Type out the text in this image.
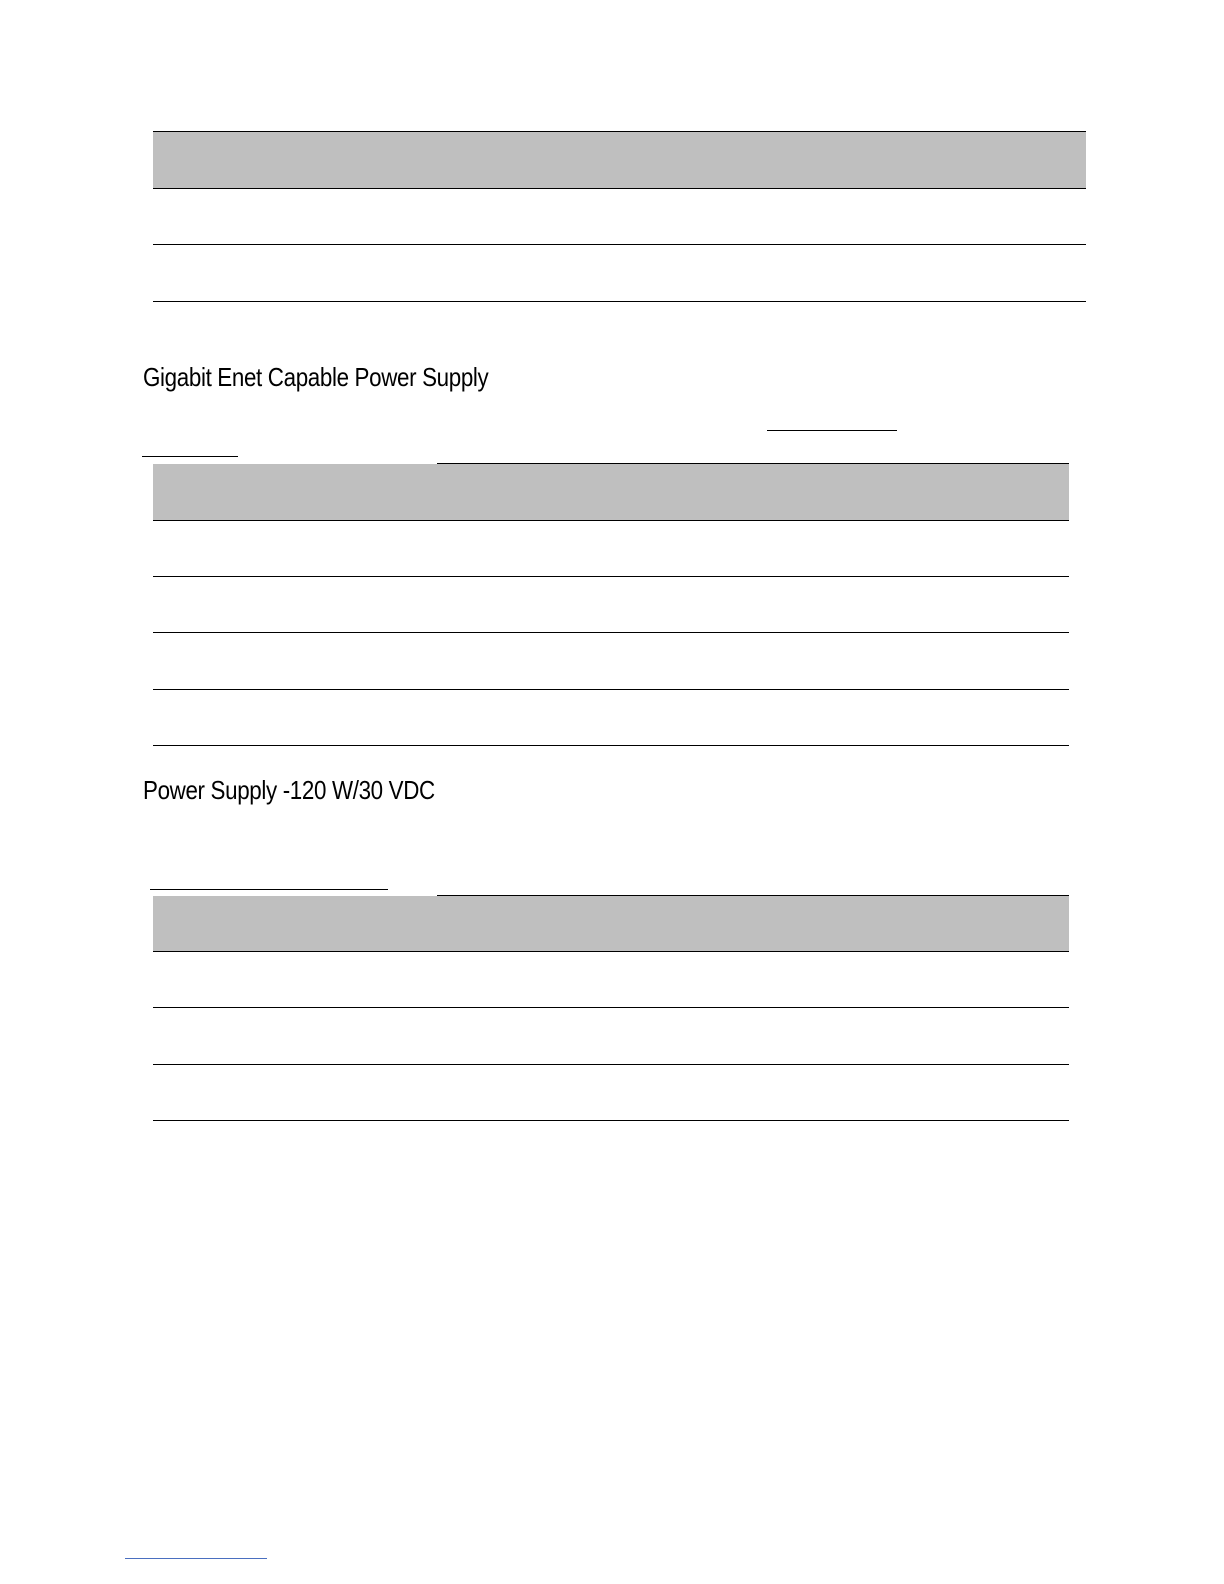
Gigabit Enet Capable Power Supply
Power Supply -120 W/30 VDC
